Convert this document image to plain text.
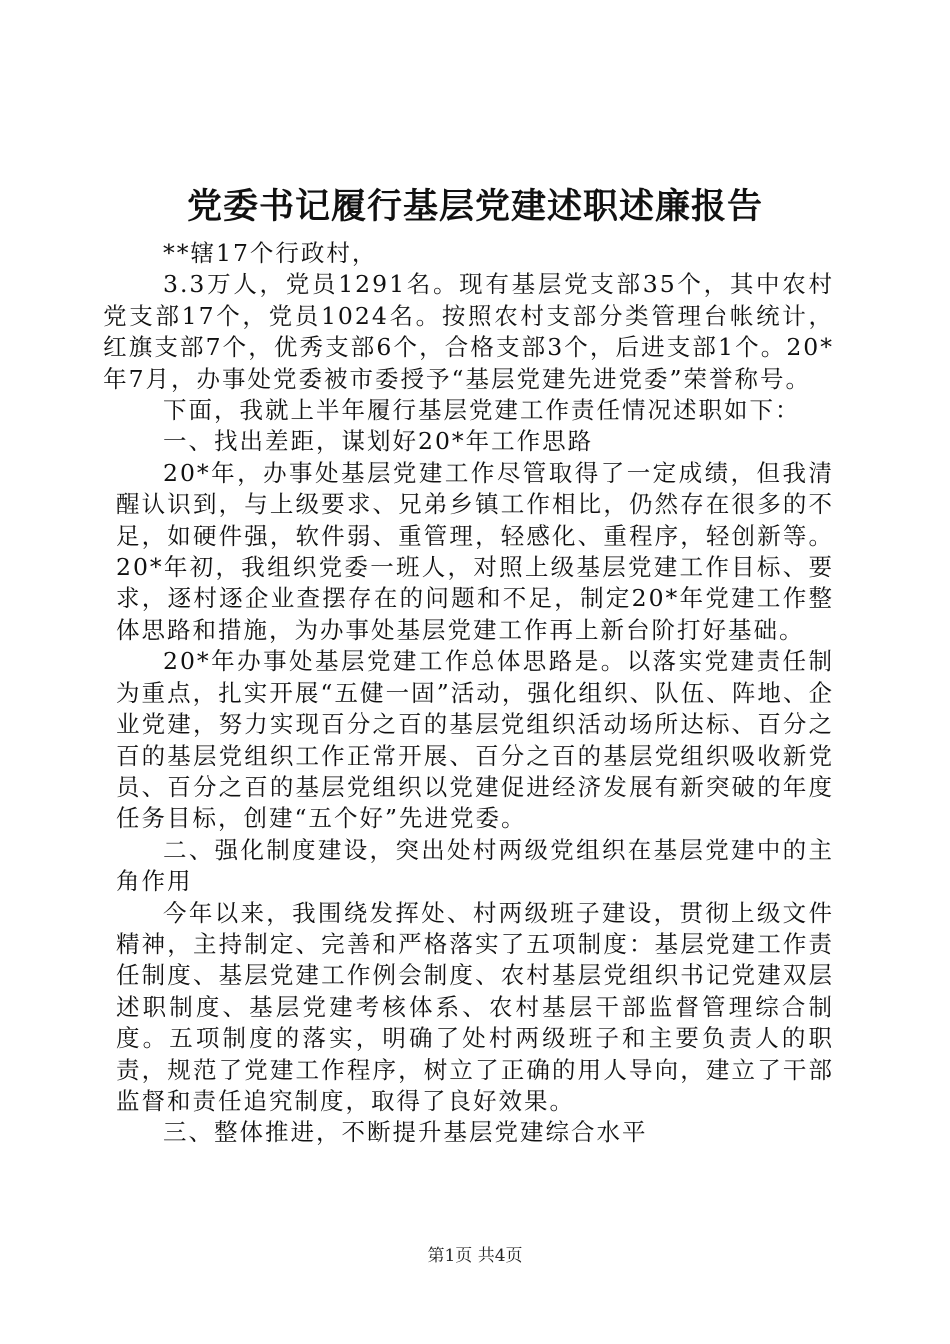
党委书记履行基层党建述职述廉报告

**辖17个行政村，

3.3万人，党员1291名。现有基层党支部35个，其中农村党支部17个，党员1024名。按照农村支部分类管理台帐统计，红旗支部7个，优秀支部6个，合格支部3个，后进支部1个。20*年7月，办事处党委被市委授予“基层党建先进党委”荣誉称号。

下面，我就上半年履行基层党建工作责任情况述职如下：

一、找出差距，谋划好20*年工作思路

20*年，办事处基层党建工作尽管取得了一定成绩，但我清醒认识到，与上级要求、兄弟乡镇工作相比，仍然存在很多的不足，如硬件强，软件弱、重管理，轻感化、重程序，轻创新等。20*年初，我组织党委一班人，对照上级基层党建工作目标、要求，逐村逐企业查摆存在的问题和不足，制定20*年党建工作整体思路和措施，为办事处基层党建工作再上新台阶打好基础。

20*年办事处基层党建工作总体思路是。以落实党建责任制为重点，扎实开展“五健一固”活动，强化组织、队伍、阵地、企业党建，努力实现百分之百的基层党组织活动场所达标、百分之百的基层党组织工作正常开展、百分之百的基层党组织吸收新党员、百分之百的基层党组织以党建促进经济发展有新突破的年度任务目标，创建“五个好”先进党委。

二、强化制度建设，突出处村两级党组织在基层党建中的主角作用

今年以来，我围绕发挥处、村两级班子建设，贯彻上级文件精神，主持制定、完善和严格落实了五项制度：基层党建工作责任制度、基层党建工作例会制度、农村基层党组织书记党建双层述职制度、基层党建考核体系、农村基层干部监督管理综合制度。五项制度的落实，明确了处村两级班子和主要负责人的职责，规范了党建工作程序，树立了正确的用人导向，建立了干部监督和责任追究制度，取得了良好效果。

三、整体推进，不断提升基层党建综合水平

第1页 共4页
